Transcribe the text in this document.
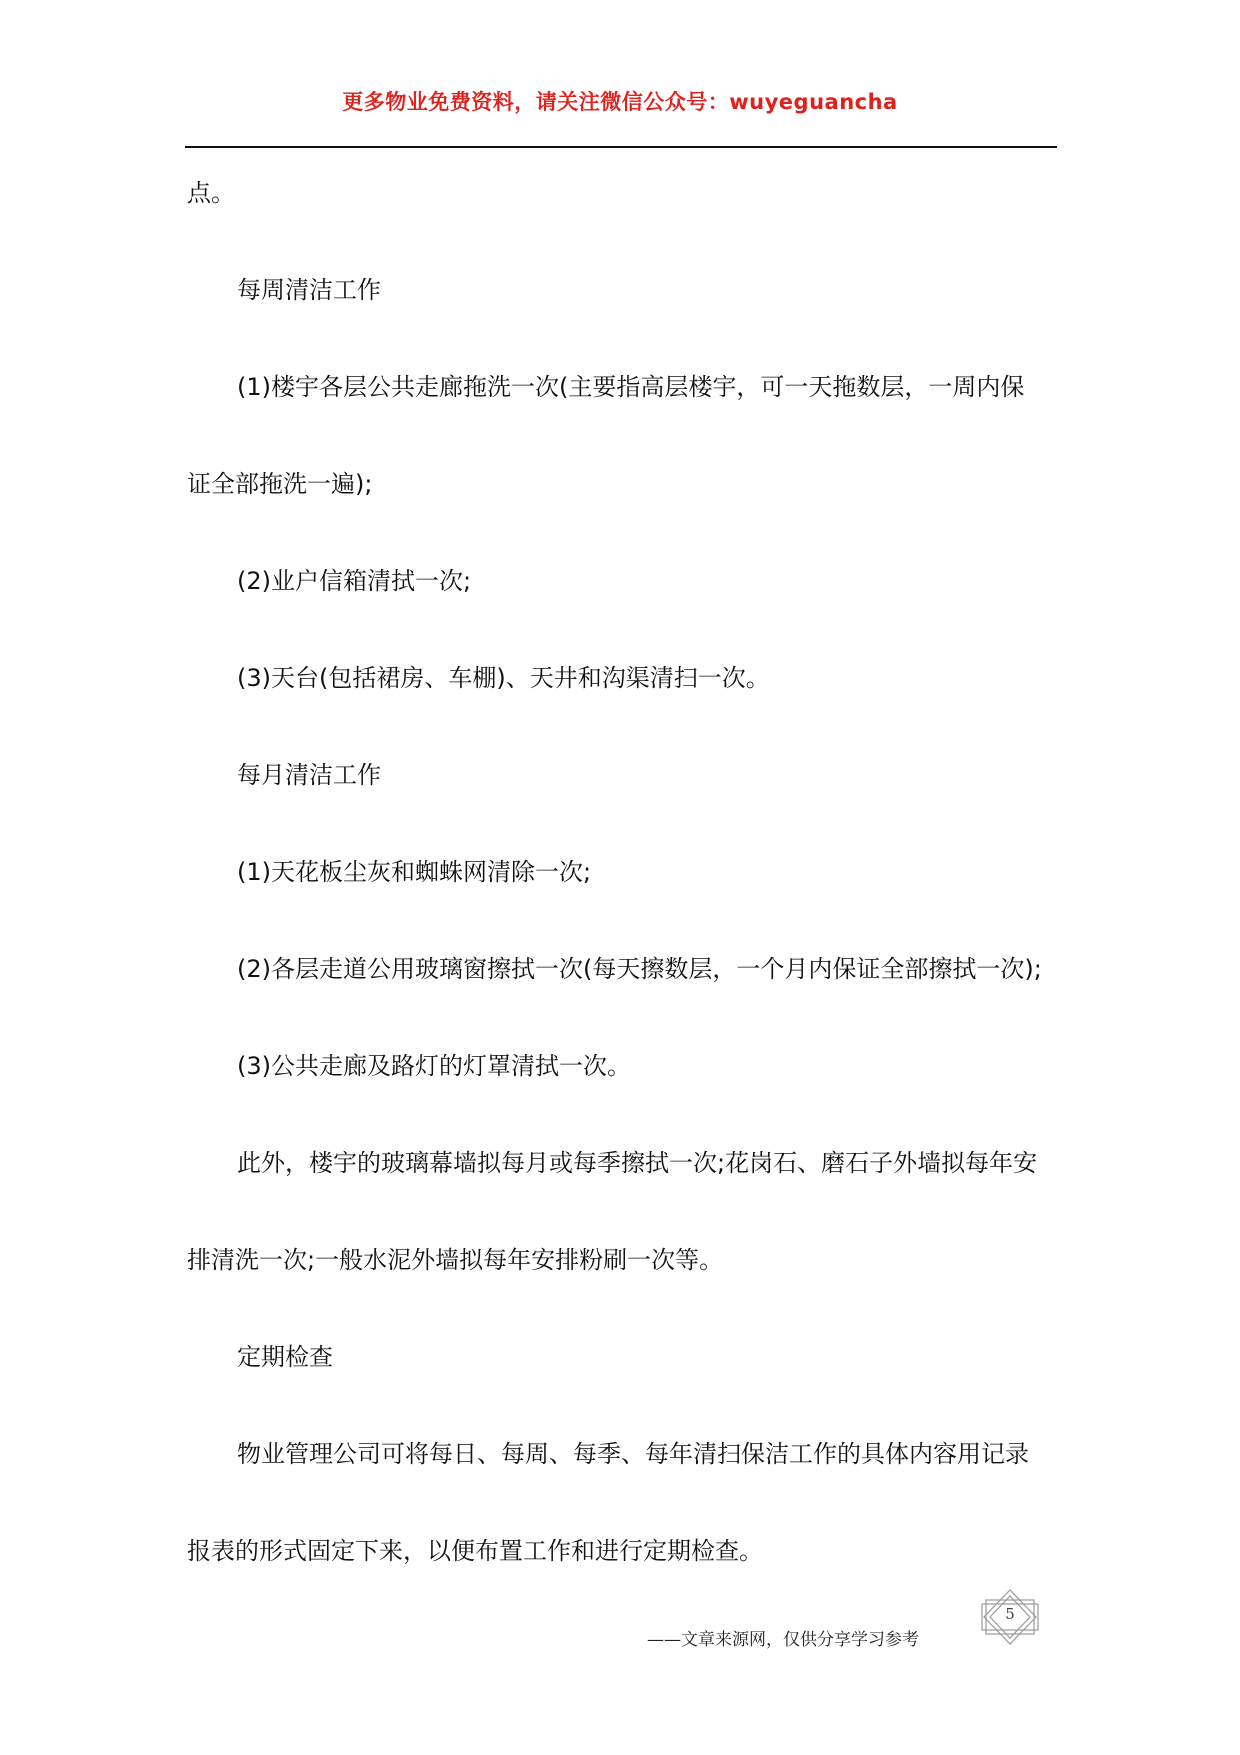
更多物业免费资料，请关注微信公众号：wuyeguancha
点。
每周清洁工作
(1)楼宇各层公共走廊拖洗一次(主要指高层楼宇，可一天拖数层，一周内保
证全部拖洗一遍);
(2)业户信箱清拭一次;
(3)天台(包括裙房、车棚)、天井和沟渠清扫一次。
每月清洁工作
(1)天花板尘灰和蜘蛛网清除一次;
(2)各层走道公用玻璃窗擦拭一次(每天擦数层，一个月内保证全部擦拭一次);
(3)公共走廊及路灯的灯罩清拭一次。
此外，楼宇的玻璃幕墙拟每月或每季擦拭一次;花岗石、磨石子外墙拟每年安
排清洗一次;一般水泥外墙拟每年安排粉刷一次等。
定期检查
物业管理公司可将每日、每周、每季、每年清扫保洁工作的具体内容用记录
报表的形式固定下来，以便布置工作和进行定期检查。
——文章来源网，仅供分享学习参考
5
